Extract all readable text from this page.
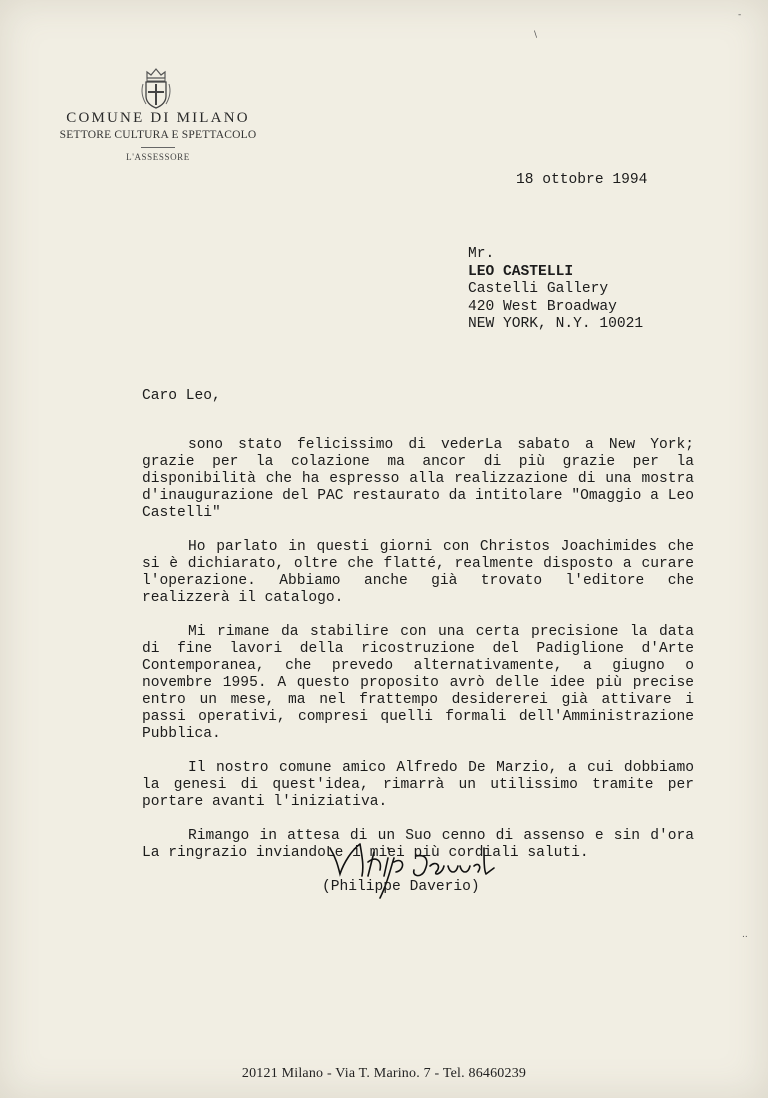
COMUNE DI MILANO
SETTORE CULTURA E SPETTACOLO
L'ASSESSORE
18 ottobre 1994
Mr.
LEO CASTELLI
Castelli Gallery
420 West Broadway
NEW YORK, N.Y. 10021
Caro Leo,

sono stato felicissimo di vederLa sabato a New York; grazie per la colazione ma ancor di più grazie per la disponibilità che ha espresso alla realizzazione di una mostra d'inaugurazione del PAC restaurato da intitolare "Omaggio a Leo Castelli"

Ho parlato in questi giorni con Christos Joachimides che si è dichiarato, oltre che flatté, realmente disposto a curare l'operazione. Abbiamo anche già trovato l'editore che realizzerà il catalogo.

Mi rimane da stabilire con una certa precisione la data di fine lavori della ricostruzione del Padiglione d'Arte Contemporanea, che prevedo alternativamente, a giugno o novembre 1995. A questo proposito avrò delle idee più precise entro un mese, ma nel frattempo desidererei già attivare i passi operativi, compresi quelli formali dell'Amministrazione Pubblica.

Il nostro comune amico Alfredo De Marzio, a cui dobbiamo la genesi di quest'idea, rimarrà un utilissimo tramite per portare avanti l'iniziativa.

Rimango in attesa di un Suo cenno di assenso e sin d'ora La ringrazio inviandoLe i miei più cordiali saluti.

(Philippe Daverio)
20121 Milano - Via T. Marino. 7 - Tel. 86460239
\
-
..
